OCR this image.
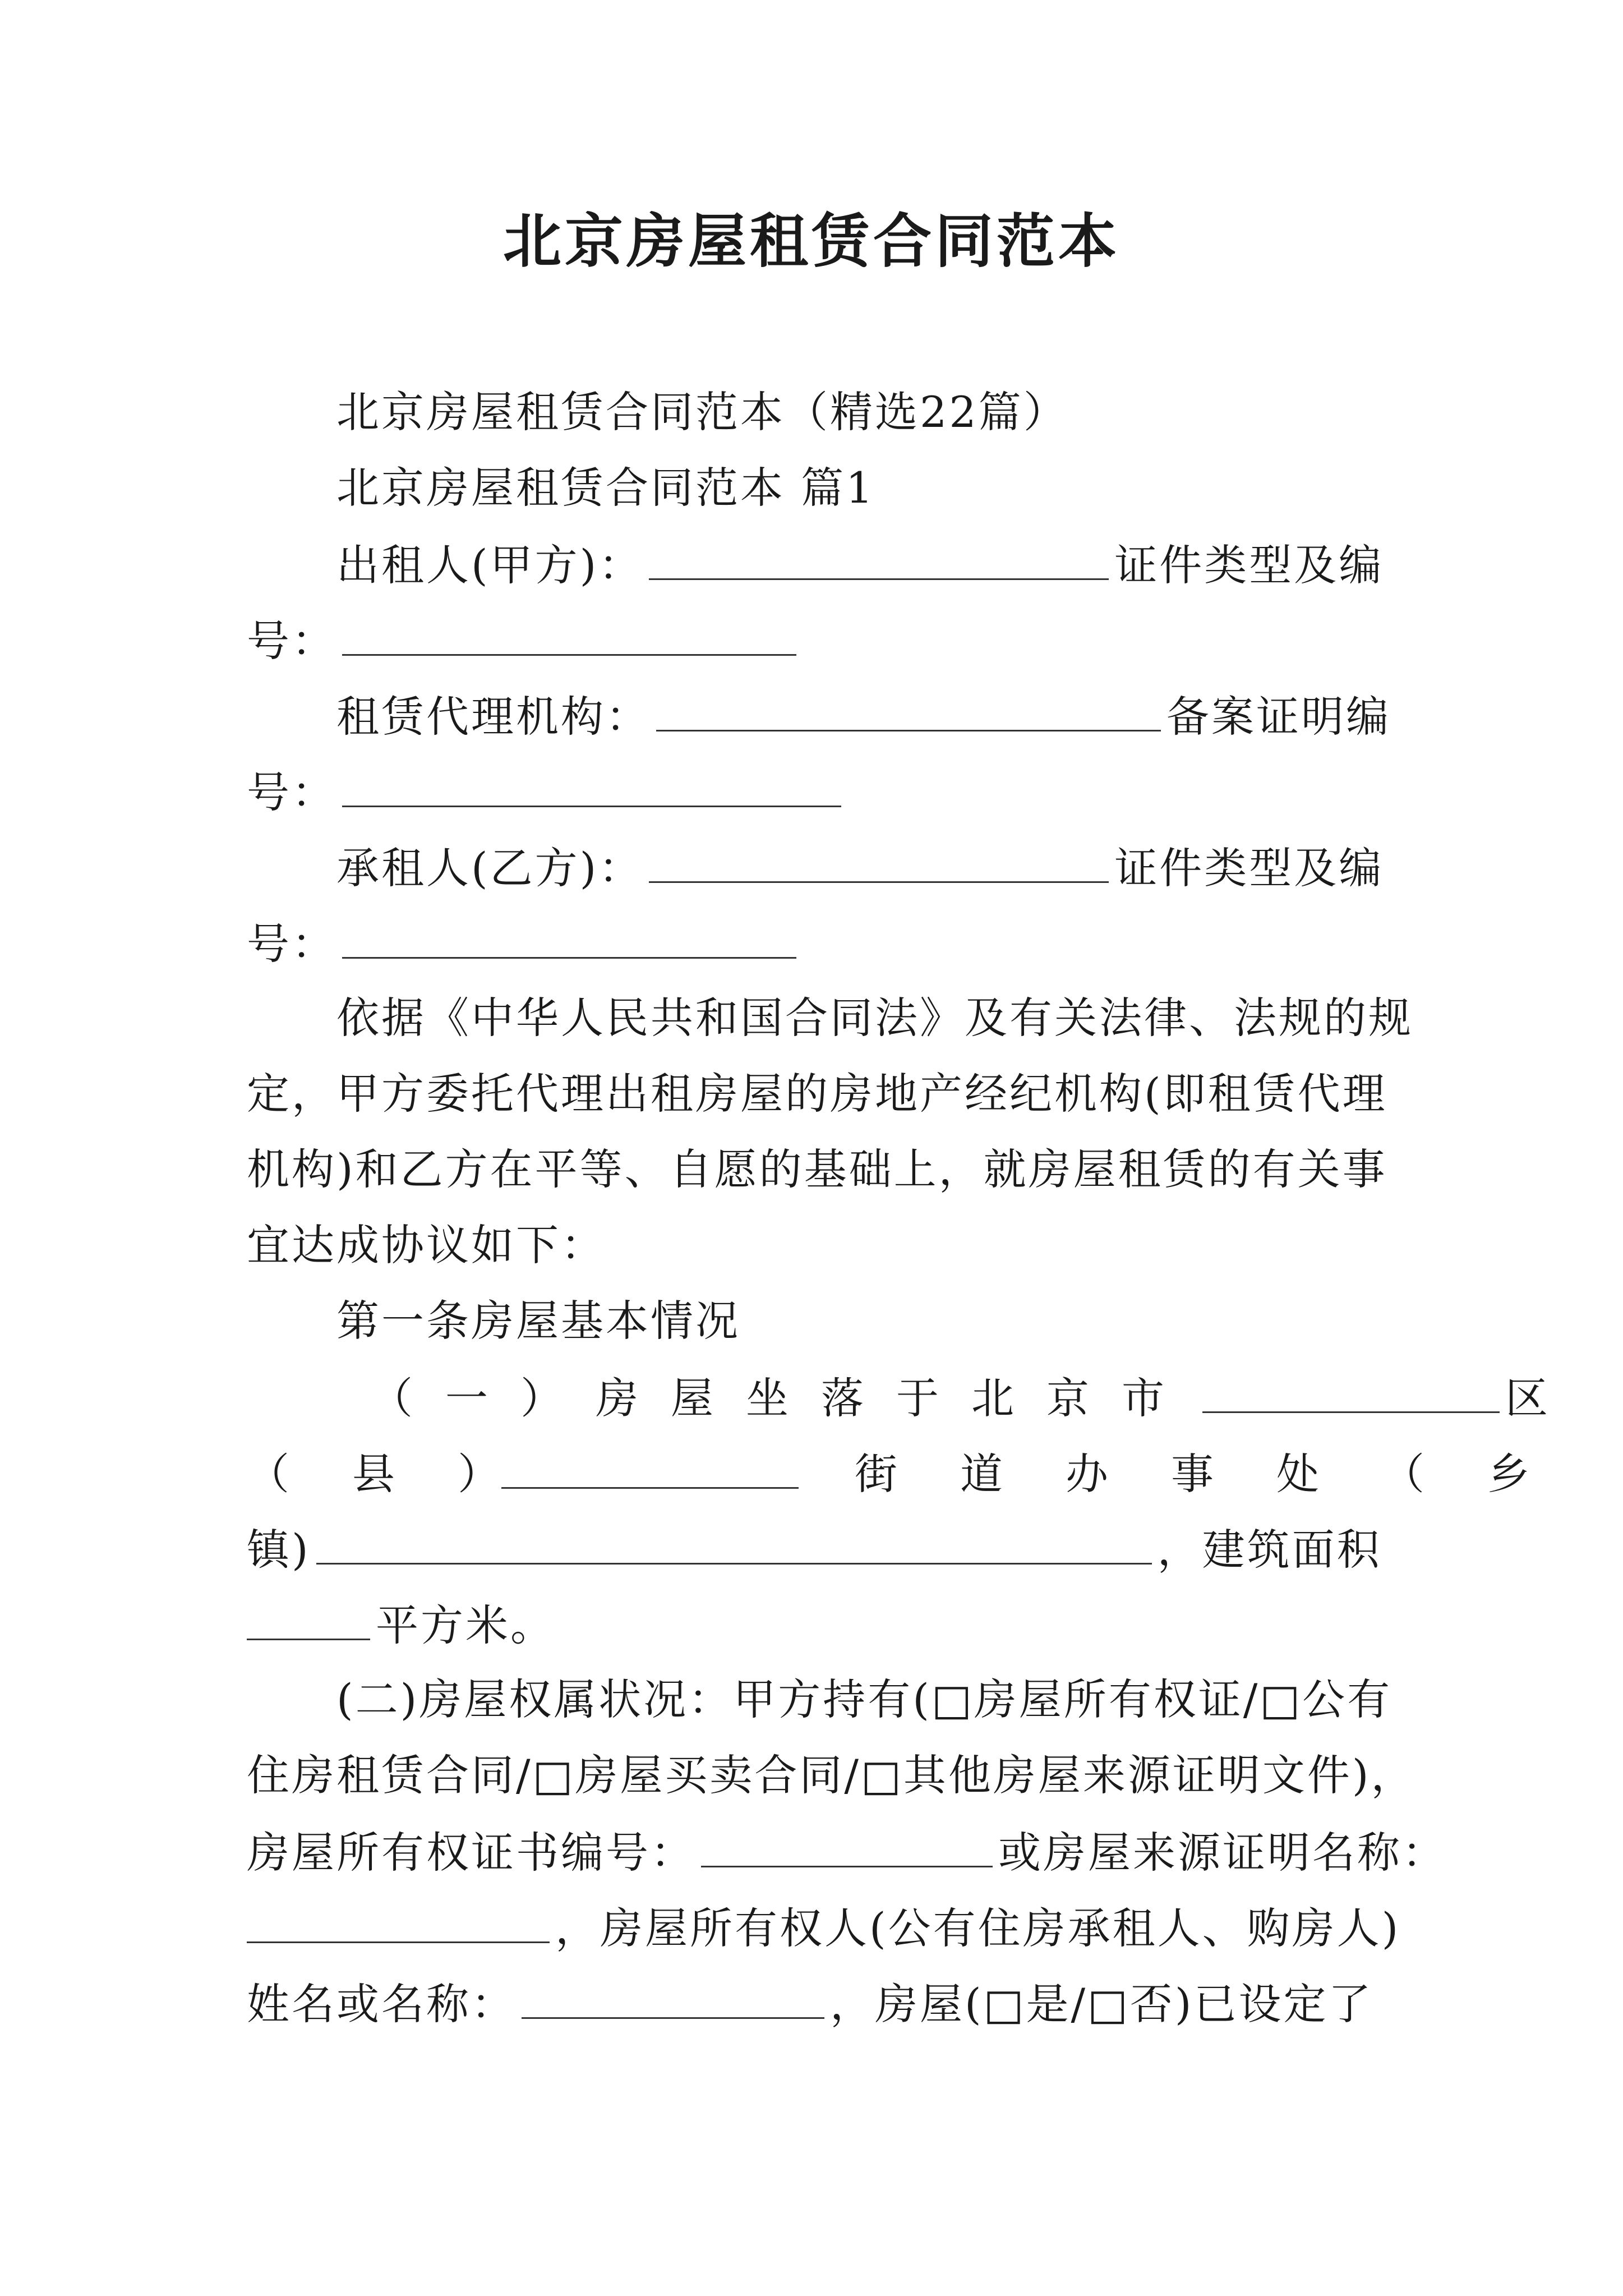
北京房屋租赁合同范本
北京房屋租赁合同范本（精选22篇）
北京房屋租赁合同范本 篇1
出租人(甲方)：	证件类型及编
号：
租赁代理机构：	备案证明编
号：
承租人(乙方)：	证件类型及编
号：
依据《中华人民共和国合同法》及有关法律、法规的规
定，甲方委托代理出租房屋的房地产经纪机构(即租赁代理
机构)和乙方在平等、自愿的基础上，就房屋租赁的有关事
宜达成协议如下：
第一条房屋基本情况
（一）房屋坐落于北京市	区
（县）	街道办事处（乡
镇)	，建筑面积
平方米。
(二)房屋权属状况：甲方持有(□房屋所有权证/□公有
住房租赁合同/□房屋买卖合同/□其他房屋来源证明文件)，
房屋所有权证书编号：	或房屋来源证明名称：
，房屋所有权人(公有住房承租人、购房人)
姓名或名称：	，房屋(□是/□否)已设定了
